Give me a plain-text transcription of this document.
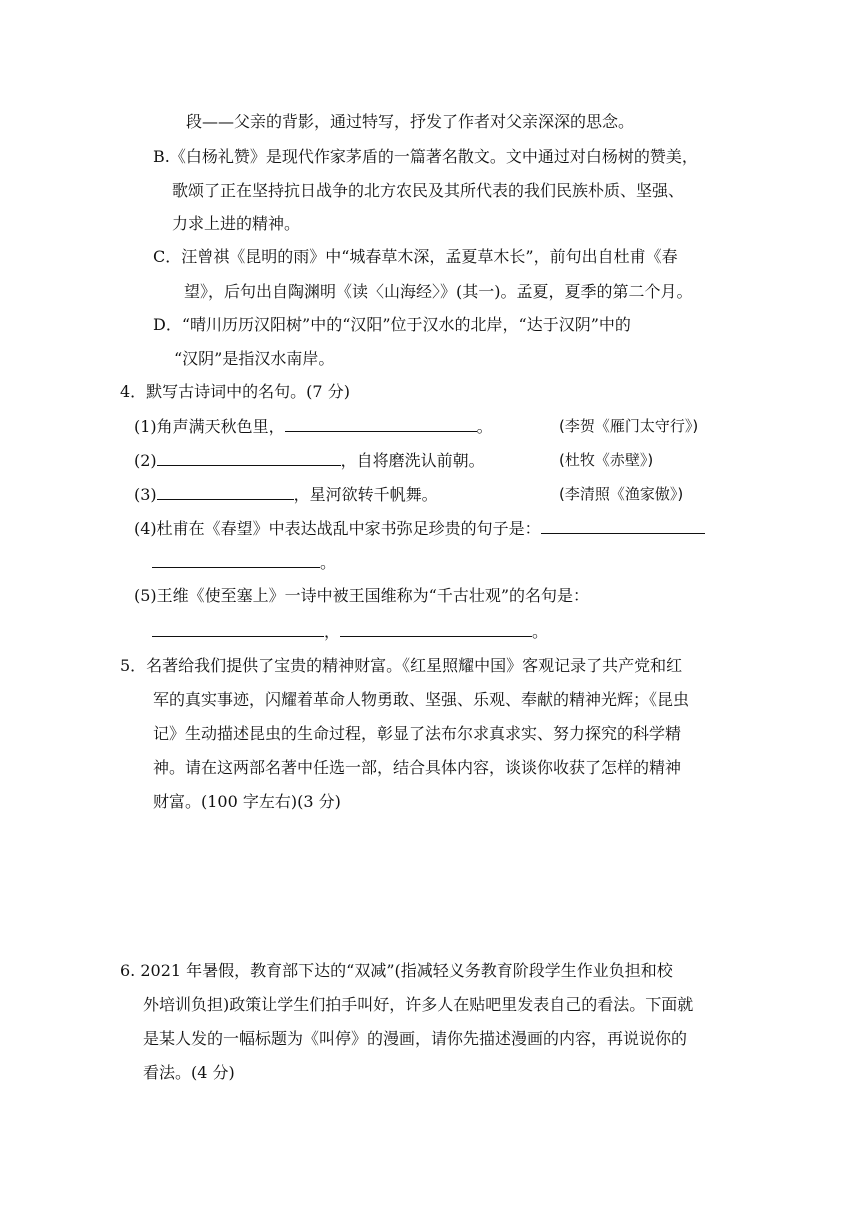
段——父亲的背影，通过特写，抒发了作者对父亲深深的思念。
B.《白杨礼赞》是现代作家茅盾的一篇著名散文。文中通过对白杨树的赞美，
歌颂了正在坚持抗日战争的北方农民及其所代表的我们民族朴质、坚强、
力求上进的精神。
C．汪曾祺《昆明的雨》中“城春草木深，孟夏草木长”，前句出自杜甫《春
望》，后句出自陶渊明《读〈山海经〉》(其一)。孟夏，夏季的第二个月。
D．“晴川历历汉阳树”中的“汉阳”位于汉水的北岸，“达于汉阴”中的
“汉阴”是指汉水南岸。
4．默写古诗词中的名句。(7 分)
(1)角声满天秋色里，	。	(李贺《雁门太守行》)
(2)	，自将磨洗认前朝。	(杜牧《赤壁》)
(3)	，星河欲转千帆舞。	(李清照《渔家傲》)
(4)杜甫在《春望》中表达战乱中家书弥足珍贵的句子是：
。
(5)王维《使至塞上》一诗中被王国维称为“千古壮观”的名句是：
，	。
5．名著给我们提供了宝贵的精神财富。《红星照耀中国》客观记录了共产党和红
军的真实事迹，闪耀着革命人物勇敢、坚强、乐观、奉献的精神光辉；《昆虫
记》生动描述昆虫的生命过程，彰显了法布尔求真求实、努力探究的科学精
神。请在这两部名著中任选一部，结合具体内容，谈谈你收获了怎样的精神
财富。(100 字左右)(3 分)
6. 2021 年暑假，教育部下达的“双减”(指减轻义务教育阶段学生作业负担和校
外培训负担)政策让学生们拍手叫好，许多人在贴吧里发表自己的看法。下面就
是某人发的一幅标题为《叫停》的漫画，请你先描述漫画的内容，再说说你的
看法。(4 分)
